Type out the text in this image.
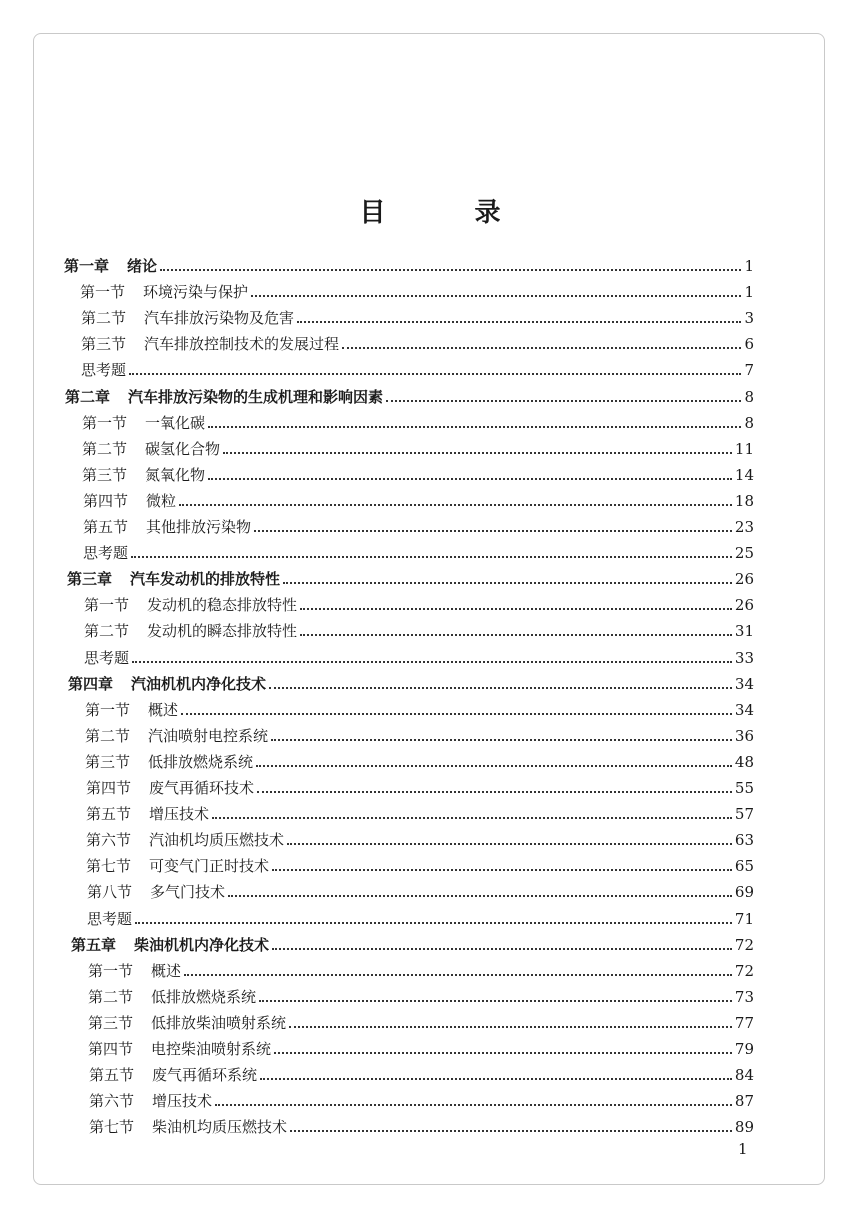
目 录
第一章 绪论	1
第一节 环境污染与保护	1
第二节 汽车排放污染物及危害	3
第三节 汽车排放控制技术的发展过程	6
思考题	7
第二章 汽车排放污染物的生成机理和影响因素	8
第一节 一氧化碳	8
第二节 碳氢化合物	11
第三节 氮氧化物	14
第四节 微粒	18
第五节 其他排放污染物	23
思考题	25
第三章 汽车发动机的排放特性	26
第一节 发动机的稳态排放特性	26
第二节 发动机的瞬态排放特性	31
思考题	33
第四章 汽油机机内净化技术	34
第一节 概述	34
第二节 汽油喷射电控系统	36
第三节 低排放燃烧系统	48
第四节 废气再循环技术	55
第五节 增压技术	57
第六节 汽油机均质压燃技术	63
第七节 可变气门正时技术	65
第八节 多气门技术	69
思考题	71
第五章 柴油机机内净化技术	72
第一节 概述	72
第二节 低排放燃烧系统	73
第三节 低排放柴油喷射系统	77
第四节 电控柴油喷射系统	79
第五节 废气再循环系统	84
第六节 增压技术	87
第七节 柴油机均质压燃技术	89
1
